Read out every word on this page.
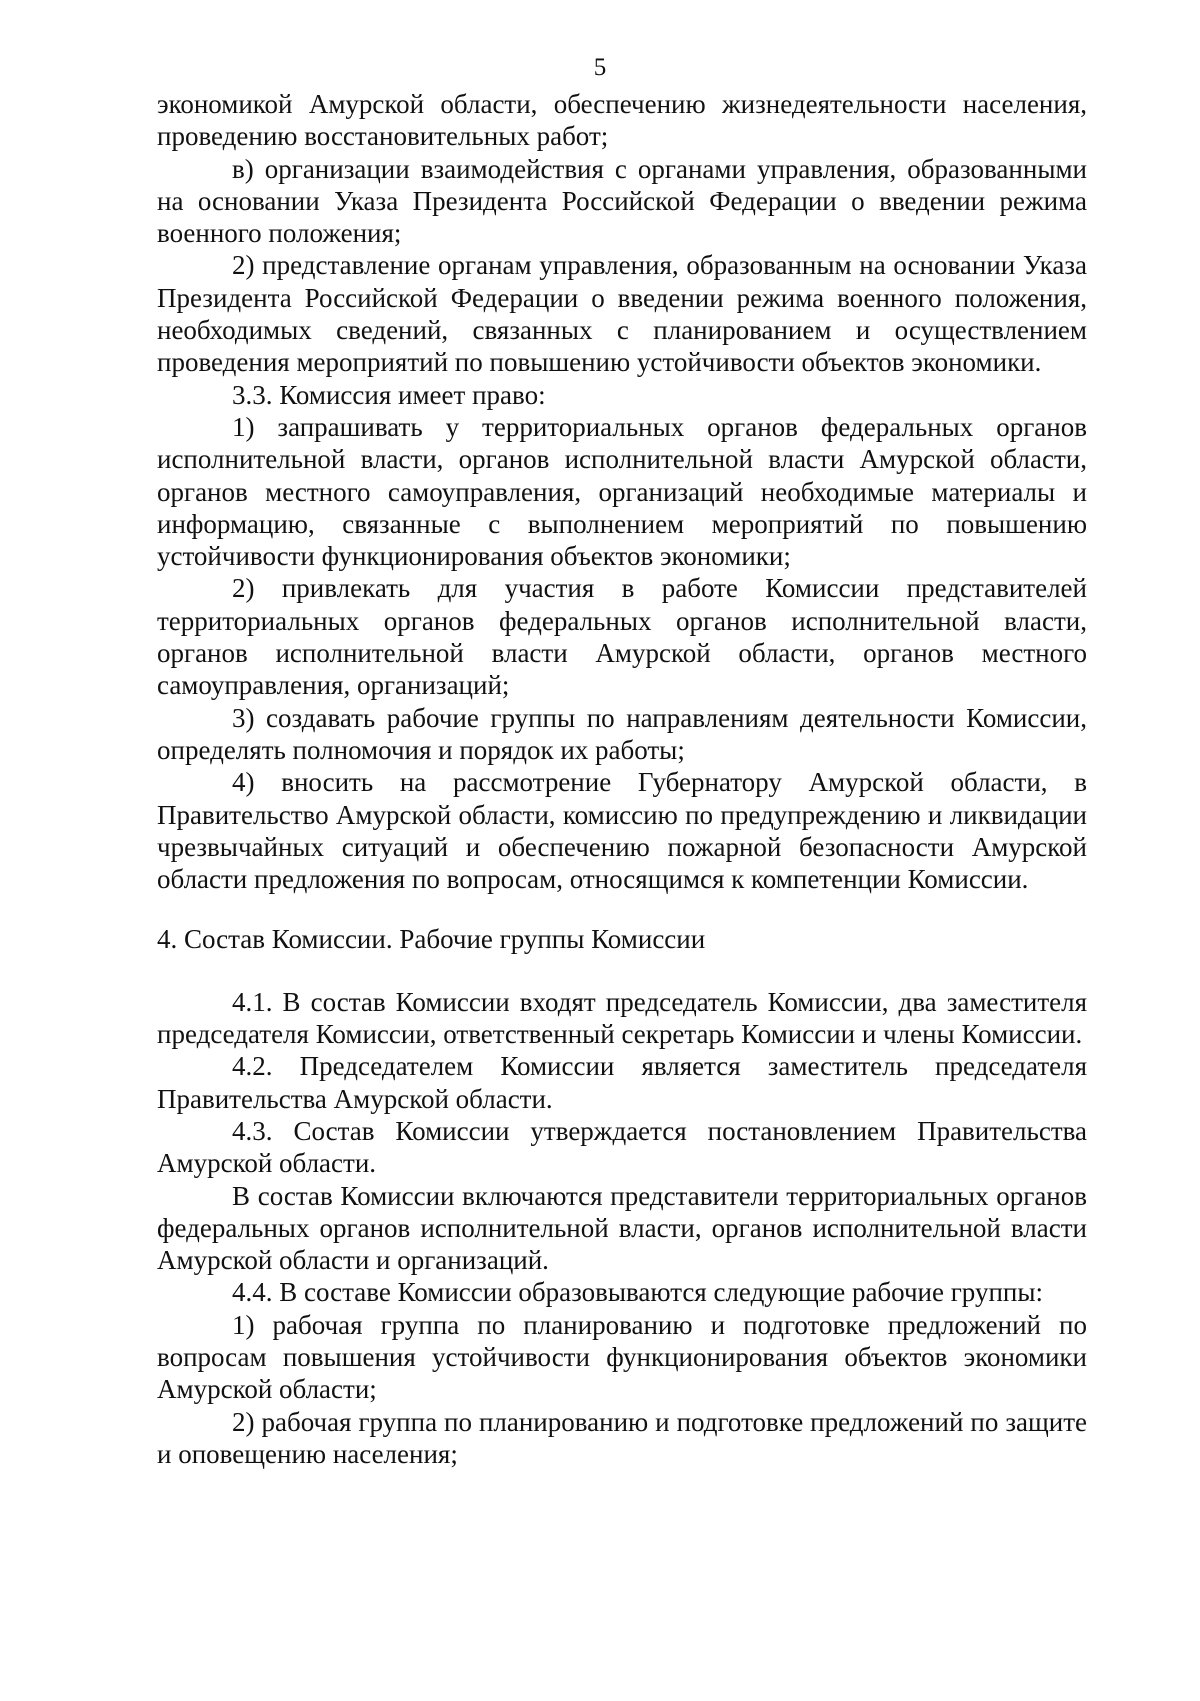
5

экономикой Амурской области, обеспечению жизнедеятельности населения, проведению восстановительных работ;

в) организации взаимодействия с органами управления, образованными на основании Указа Президента Российской Федерации о введении режима военного положения;

2) представление органам управления, образованным на основании Указа Президента Российской Федерации о введении режима военного положения, необходимых сведений, связанных с планированием и осуществлением проведения мероприятий по повышению устойчивости объектов экономики.

3.3. Комиссия имеет право:

1) запрашивать у территориальных органов федеральных органов исполнительной власти, органов исполнительной власти Амурской области, органов местного самоуправления, организаций необходимые материалы и информацию, связанные с выполнением мероприятий по повышению устойчивости функционирования объектов экономики;

2) привлекать для участия в работе Комиссии представителей территориальных органов федеральных органов исполнительной власти, органов исполнительной власти Амурской области, органов местного самоуправления, организаций;

3) создавать рабочие группы по направлениям деятельности Комиссии, определять полномочия и порядок их работы;

4) вносить на рассмотрение Губернатору Амурской области, в Правительство Амурской области, комиссию по предупреждению и ликвидации чрезвычайных ситуаций и обеспечению пожарной безопасности Амурской области предложения по вопросам, относящимся к компетенции Комиссии.

4. Состав Комиссии. Рабочие группы Комиссии

4.1. В состав Комиссии входят председатель Комиссии, два заместителя председателя Комиссии, ответственный секретарь Комиссии и члены Комиссии.

4.2. Председателем Комиссии является заместитель председателя Правительства Амурской области.

4.3. Состав Комиссии утверждается постановлением Правительства Амурской области.

В состав Комиссии включаются представители территориальных органов федеральных органов исполнительной власти, органов исполнительной власти Амурской области и организаций.

4.4. В составе Комиссии образовываются следующие рабочие группы:

1) рабочая группа по планированию и подготовке предложений по вопросам повышения устойчивости функционирования объектов экономики Амурской области;

2) рабочая группа по планированию и подготовке предложений по защите и оповещению населения;
